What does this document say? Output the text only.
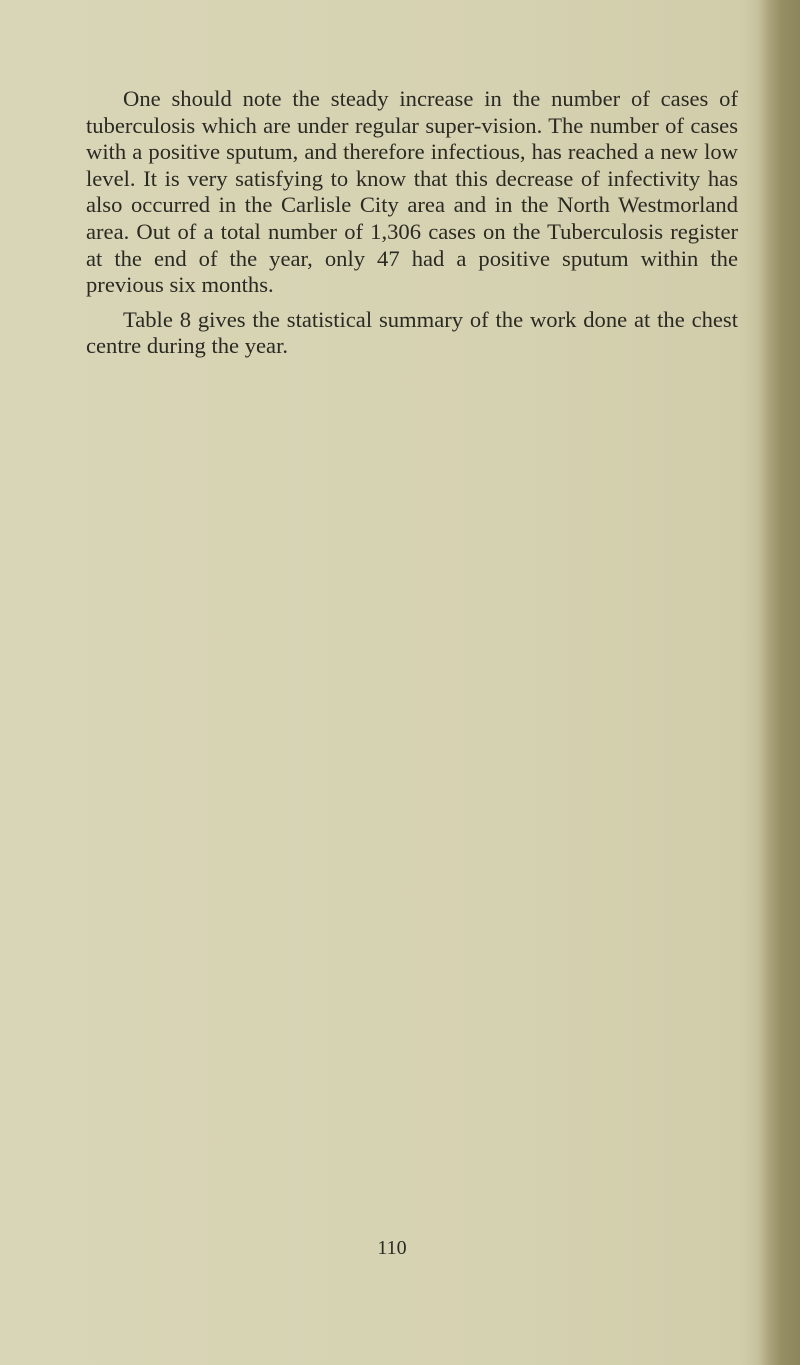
One should note the steady increase in the number of cases of tuberculosis which are under regular super-vision. The number of cases with a positive sputum, and therefore infectious, has reached a new low level. It is very satisfying to know that this decrease of infectivity has also occurred in the Carlisle City area and in the North Westmorland area. Out of a total number of 1,306 cases on the Tuberculosis register at the end of the year, only 47 had a positive sputum within the previous six months.

Table 8 gives the statistical summary of the work done at the chest centre during the year.

110
